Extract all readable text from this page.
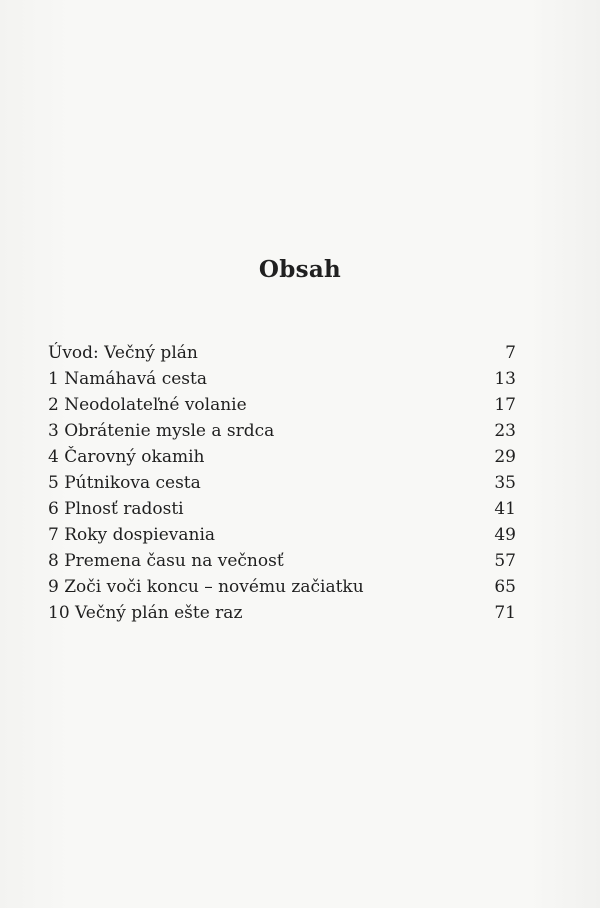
Obsah
Úvod: Večný plán	7
1 Namáhavá cesta	13
2 Neodolateľné volanie	17
3 Obrátenie mysle a srdca	23
4 Čarovný okamih	29
5 Pútnikova cesta	35
6 Plnosť radosti	41
7 Roky dospievania	49
8 Premena času na večnosť	57
9 Zoči voči koncu – novému začiatku	65
10 Večný plán ešte raz	71
